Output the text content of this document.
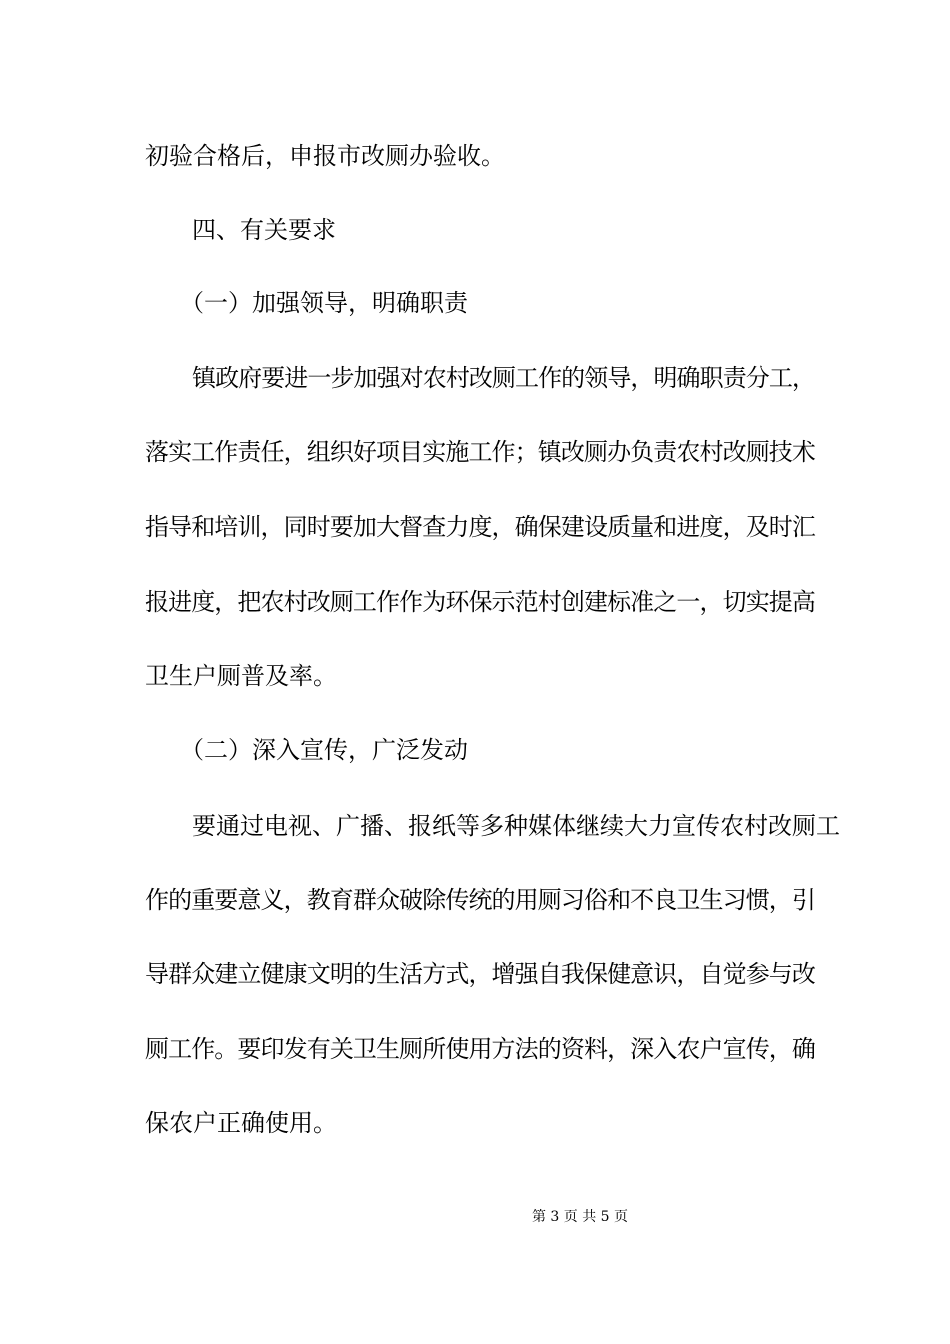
初验合格后，申报市改厕办验收。
四、有关要求
（一）加强领导，明确职责
镇政府要进一步加强对农村改厕工作的领导，明确职责分工，
落实工作责任，组织好项目实施工作；镇改厕办负责农村改厕技术
指导和培训，同时要加大督查力度，确保建设质量和进度，及时汇
报进度，把农村改厕工作作为环保示范村创建标准之一，切实提高
卫生户厕普及率。
（二）深入宣传，广泛发动
要通过电视、广播、报纸等多种媒体继续大力宣传农村改厕工
作的重要意义，教育群众破除传统的用厕习俗和不良卫生习惯，引
导群众建立健康文明的生活方式，增强自我保健意识，自觉参与改
厕工作。要印发有关卫生厕所使用方法的资料，深入农户宣传，确
保农户正确使用。
第 3 页 共 5 页
